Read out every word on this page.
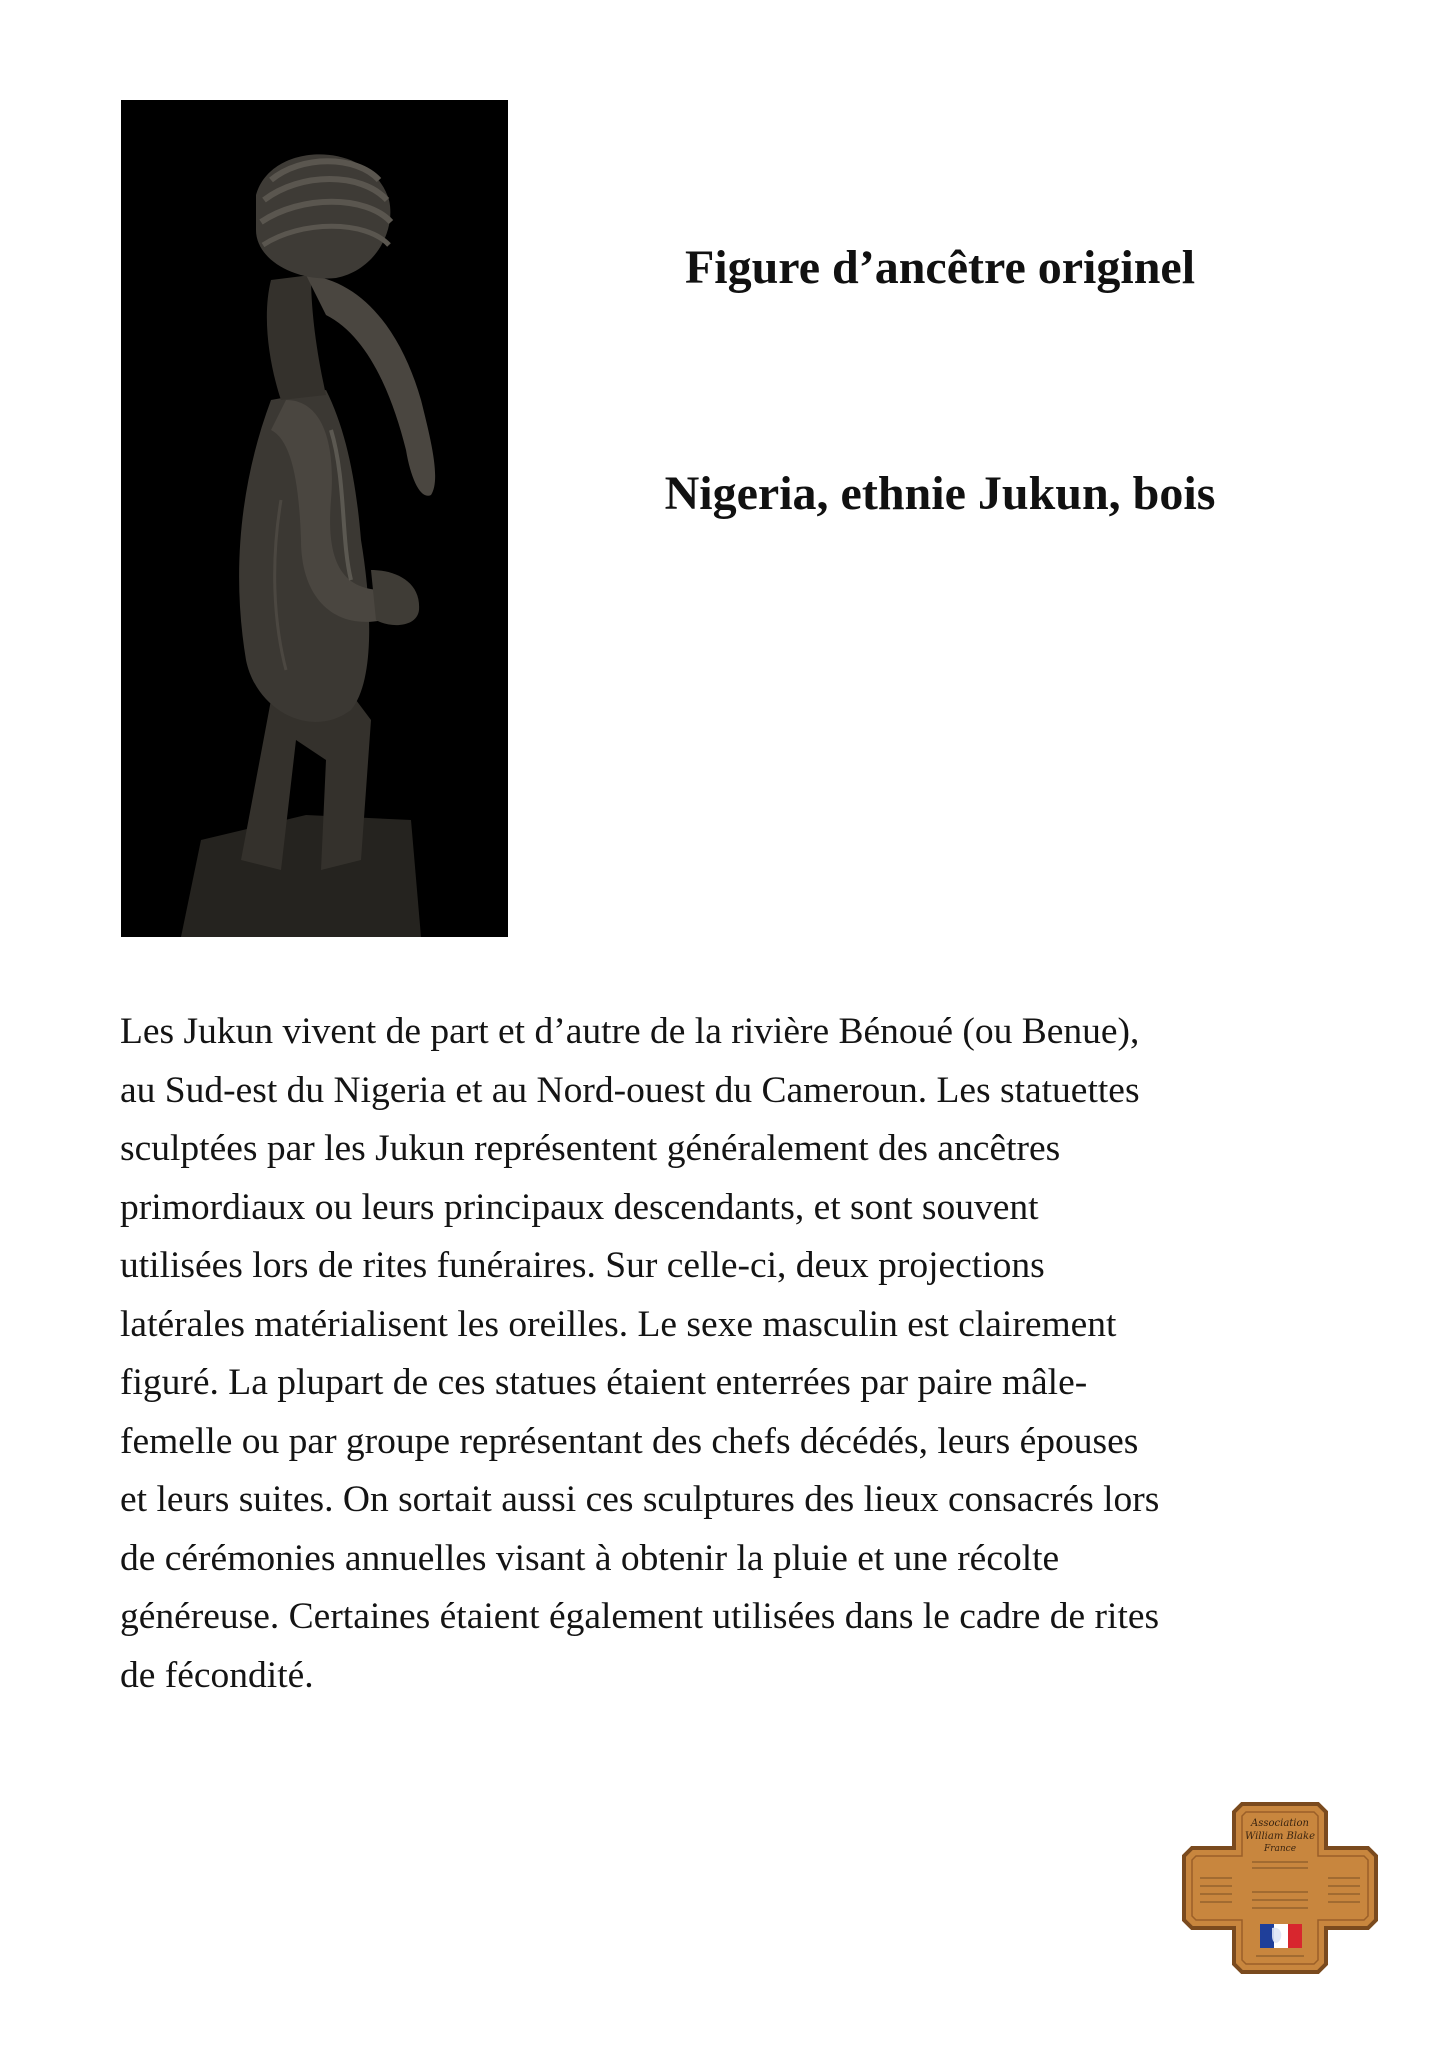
Figure d’ancêtre originel
Nigeria, ethnie Jukun, bois

Les Jukun vivent de part et d’autre de la rivière Bénoué (ou Benue),
au Sud-est du Nigeria et au Nord-ouest du Cameroun. Les statuettes
sculptées par les Jukun représentent généralement des ancêtres
primordiaux ou leurs principaux descendants, et sont souvent
utilisées lors de rites funéraires. Sur celle-ci, deux projections
latérales matérialisent les oreilles. Le sexe masculin est clairement
figuré. La plupart de ces statues étaient enterrées par paire mâle-
femelle ou par groupe représentant des chefs décédés, leurs épouses
et leurs suites. On sortait aussi ces sculptures des lieux consacrés lors
de cérémonies annuelles visant à obtenir la pluie et une récolte
généreuse. Certaines étaient également utilisées dans le cadre de rites
de fécondité.

Association
William Blake
France
